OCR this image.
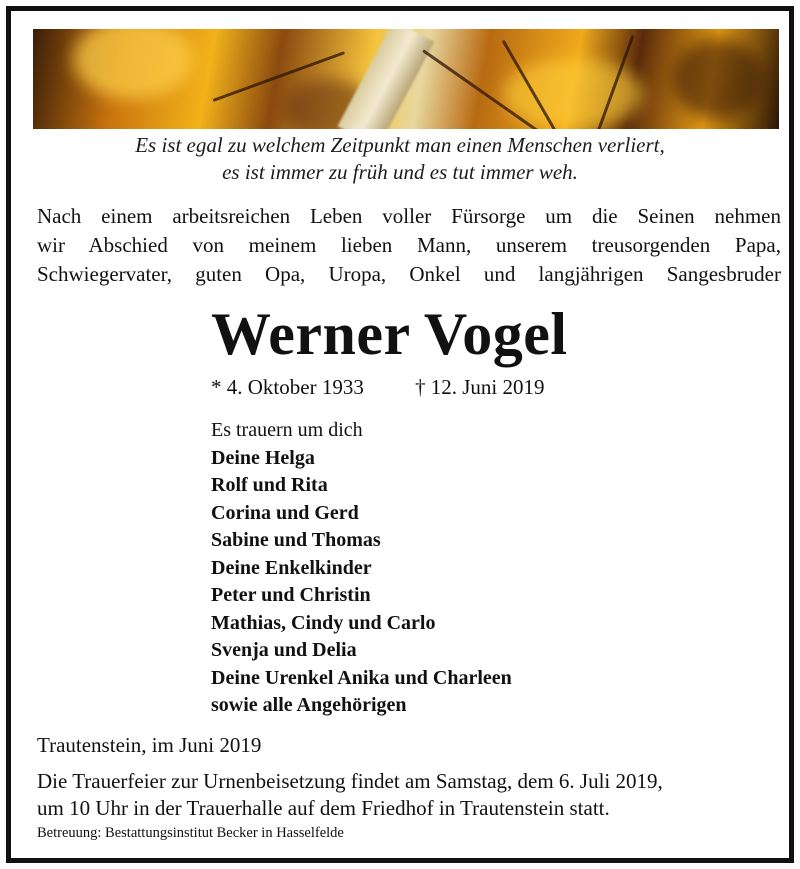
Es ist egal zu welchem Zeitpunkt man einen Menschen verliert,
es ist immer zu früh und es tut immer weh.
Nach einem arbeitsreichen Leben voller Fürsorge um die Seinen nehmen
wir Abschied von meinem lieben Mann, unserem treusorgenden Papa,
Schwiegervater, guten Opa, Uropa, Onkel und langjährigen Sangesbruder
Werner Vogel
* 4. Oktober 1933 † 12. Juni 2019
Es trauern um dich
Deine Helga
Rolf und Rita
Corina und Gerd
Sabine und Thomas
Deine Enkelkinder
Peter und Christin
Mathias, Cindy und Carlo
Svenja und Delia
Deine Urenkel Anika und Charleen
sowie alle Angehörigen
Trautenstein, im Juni 2019
Die Trauerfeier zur Urnenbeisetzung findet am Samstag, dem 6. Juli 2019,
um 10 Uhr in der Trauerhalle auf dem Friedhof in Trautenstein statt.
Betreuung: Bestattungsinstitut Becker in Hasselfelde
